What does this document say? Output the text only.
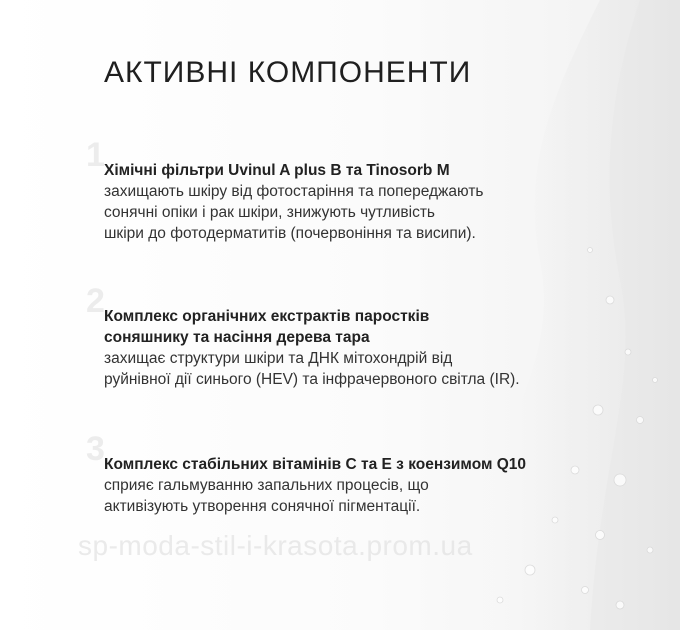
АКТИВНІ КОМПОНЕНТИ
1 Хімічні фільтри Uvinul A plus B та Tinosorb M
захищають шкіру від фотостаріння та попереджають
сонячні опіки і рак шкіри, знижують чутливість
шкіри до фотодерматитів (почервоніння та висипи).
2 Комплекс органічних екстрактів паростків
соняшнику та насіння дерева тара
захищає структури шкіри та ДНК мітохондрій від
руйнівної дії синього (HEV) та інфрачервоного світла (IR).
3 Комплекс стабільних вітамінів С та Е з коензимом Q10
сприяє гальмуванню запальних процесів, що
активізують утворення сонячної пігментації.
sp-moda-stil-i-krasota.prom.ua
